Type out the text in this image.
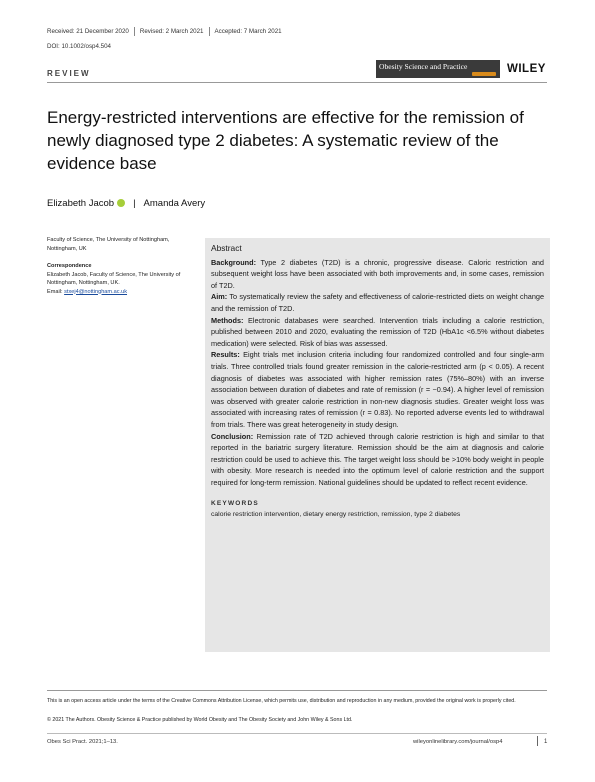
Received: 21 December 2020 Revised: 2 March 2021 Accepted: 7 March 2021
DOI: 10.1002/osp4.504
REVIEW
Obesity Science and Practice	WILEY
Energy-restricted interventions are effective for the remission of newly diagnosed type 2 diabetes: A systematic review of the evidence base
Elizabeth Jacob | Amanda Avery
Faculty of Science, The University of Nottingham, Nottingham, UK
Correspondence
Elizabeth Jacob, Faculty of Science, The University of Nottingham, Nottingham, UK.
Email: stxej4@nottingham.ac.uk
Abstract

Background: Type 2 diabetes (T2D) is a chronic, progressive disease. Caloric restriction and subsequent weight loss have been associated with both improvements and, in some cases, remission of T2D.

Aim: To systematically review the safety and effectiveness of calorie-restricted diets on weight change and the remission of T2D.

Methods: Electronic databases were searched. Intervention trials including a calorie restriction, published between 2010 and 2020, evaluating the remission of T2D (HbA1c <6.5% without diabetes medication) were selected. Risk of bias was assessed.

Results: Eight trials met inclusion criteria including four randomized controlled and four single-arm trials. Three controlled trials found greater remission in the calorie-restricted arm (p < 0.05). A recent diagnosis of diabetes was associated with higher remission rates (75%–80%) with an inverse association between duration of diabetes and rate of remission (r = −0.94). A higher level of remission was observed with greater calorie restriction in non-new diagnosis studies. Greater weight loss was associated with increasing rates of remission (r = 0.83). No reported adverse events led to withdrawal from trials. There was great heterogeneity in study design.

Conclusion: Remission rate of T2D achieved through calorie restriction is high and similar to that reported in the bariatric surgery literature. Remission should be the aim at diagnosis and calorie restriction could be used to achieve this. The target weight loss should be >10% body weight in people with obesity. More research is needed into the optimum level of calorie restriction and the support required for long-term remission. National guidelines should be updated to reflect recent evidence.

KEYWORDS
calorie restriction intervention, dietary energy restriction, remission, type 2 diabetes
This is an open access article under the terms of the Creative Commons Attribution License, which permits use, distribution and reproduction in any medium, provided the original work is properly cited.
© 2021 The Authors. Obesity Science & Practice published by World Obesity and The Obesity Society and John Wiley & Sons Ltd.
Obes Sci Pract. 2021;1–13.	wileyonlinelibrary.com/journal/osp4	1
